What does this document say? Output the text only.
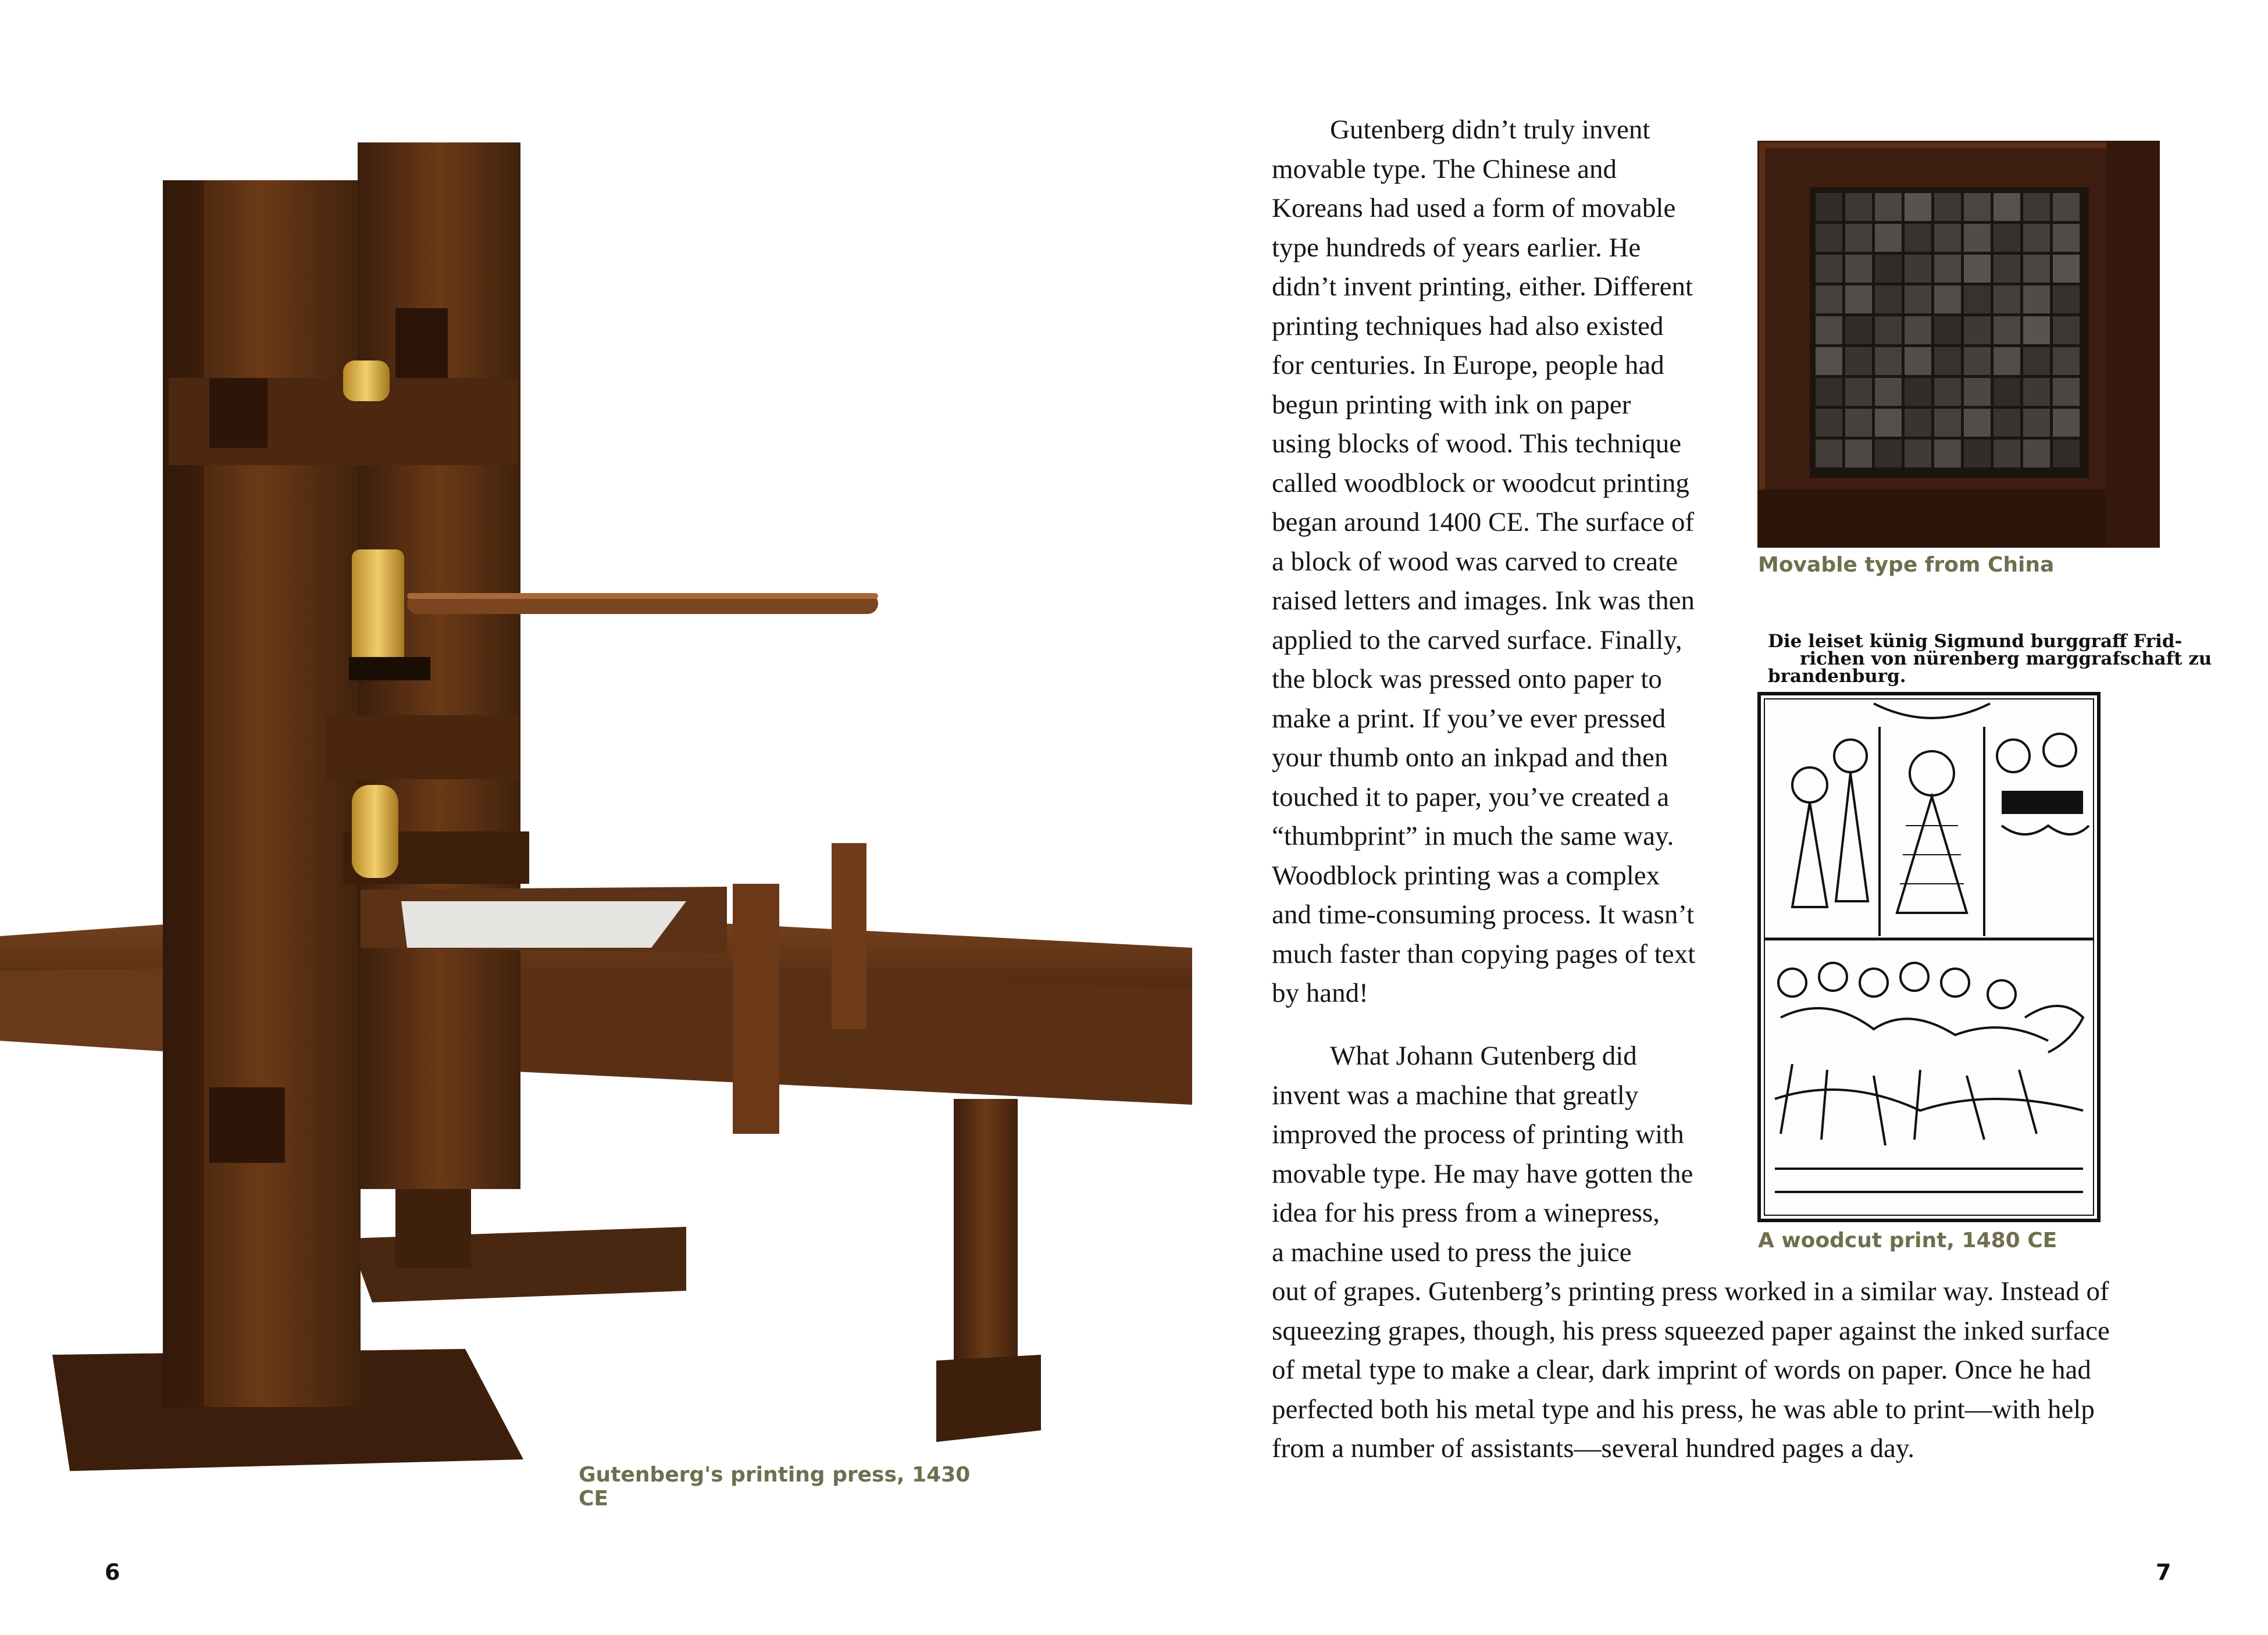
Gutenberg's printing press, 1430 CE
6
Gutenberg didn’t truly invent
movable type. The Chinese and
Koreans had used a form of movable
type hundreds of years earlier. He
didn’t invent printing, either. Different
printing techniques had also existed
for centuries. In Europe, people had
begun printing with ink on paper
using blocks of wood. This technique
called woodblock or woodcut printing
began around 1400 CE. The surface of
a block of wood was carved to create
raised letters and images. Ink was then
applied to the carved surface. Finally,
the block was pressed onto paper to
make a print. If you’ve ever pressed
your thumb onto an inkpad and then
touched it to paper, you’ve created a
“thumbprint” in much the same way.
Woodblock printing was a complex
and time-consuming process. It wasn’t
much faster than copying pages of text
by hand!
What Johann Gutenberg did
invent was a machine that greatly
improved the process of printing with
movable type. He may have gotten the
idea for his press from a winepress,
a machine used to press the juice
out of grapes. Gutenberg’s printing press worked in a similar way. Instead of
squeezing grapes, though, his press squeezed paper against the inked surface
of metal type to make a clear, dark imprint of words on paper. Once he had
perfected both his metal type and his press, he was able to print—with help
from a number of assistants—several hundred pages a day.
Movable type from China
Die leiset künig Sigmund burggraff Frid-
richen von nürenberg marggrafschaft zu
brandenburg.
A woodcut print, 1480 CE
7
